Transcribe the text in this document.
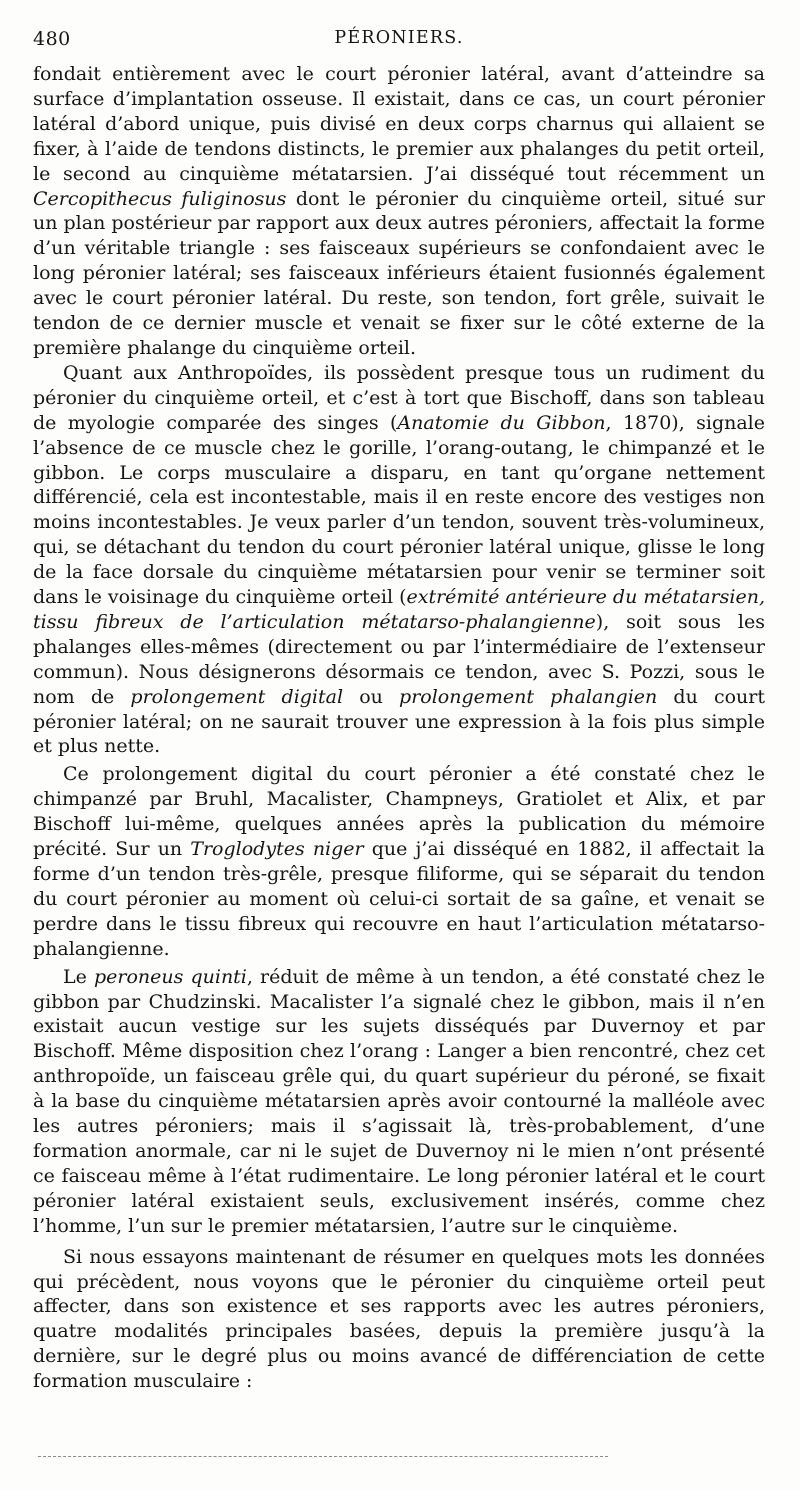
480	PÉRONIERS.

fondait entièrement avec le court péronier latéral, avant d’atteindre sa surface d’implantation osseuse. Il existait, dans ce cas, un court péronier latéral d’abord unique, puis divisé en deux corps charnus qui allaient se fixer, à l’aide de tendons distincts, le premier aux phalanges du petit orteil, le second au cinquième métatarsien. J’ai disséqué tout récemment un Cercopithecus fuliginosus dont le péronier du cinquième orteil, situé sur un plan postérieur par rapport aux deux autres péroniers, affectait la forme d’un véritable triangle : ses faisceaux supérieurs se confondaient avec le long péronier latéral; ses faisceaux inférieurs étaient fusionnés également avec le court péronier latéral. Du reste, son tendon, fort grêle, suivait le tendon de ce dernier muscle et venait se fixer sur le côté externe de la première phalange du cinquième orteil.

Quant aux Anthropoïdes, ils possèdent presque tous un rudiment du péronier du cinquième orteil, et c’est à tort que Bischoff, dans son tableau de myologie comparée des singes (Anatomie du Gibbon, 1870), signale l’absence de ce muscle chez le gorille, l’orang-outang, le chimpanzé et le gibbon. Le corps musculaire a disparu, en tant qu’organe nettement différencié, cela est incontestable, mais il en reste encore des vestiges non moins incontestables. Je veux parler d’un tendon, souvent très-volumineux, qui, se détachant du tendon du court péronier latéral unique, glisse le long de la face dorsale du cinquième métatarsien pour venir se terminer soit dans le voisinage du cinquième orteil (extrémité antérieure du métatarsien, tissu fibreux de l’articulation métatarso-phalangienne), soit sous les phalanges elles-mêmes (directement ou par l’intermédiaire de l’extenseur commun). Nous désignerons désormais ce tendon, avec S. Pozzi, sous le nom de prolongement digital ou prolongement phalangien du court péronier latéral; on ne saurait trouver une expression à la fois plus simple et plus nette.

Ce prolongement digital du court péronier a été constaté chez le chimpanzé par Bruhl, Macalister, Champneys, Gratiolet et Alix, et par Bischoff lui-même, quelques années après la publication du mémoire précité. Sur un Troglodytes niger que j’ai disséqué en 1882, il affectait la forme d’un tendon très-grêle, presque filiforme, qui se séparait du tendon du court péronier au moment où celui-ci sortait de sa gaîne, et venait se perdre dans le tissu fibreux qui recouvre en haut l’articulation métatarso-phalangienne.

Le peroneus quinti, réduit de même à un tendon, a été constaté chez le gibbon par Chudzinski. Macalister l’a signalé chez le gibbon, mais il n’en existait aucun vestige sur les sujets disséqués par Duvernoy et par Bischoff. Même disposition chez l’orang : Langer a bien rencontré, chez cet anthropoïde, un faisceau grêle qui, du quart supérieur du péroné, se fixait à la base du cinquième métatarsien après avoir contourné la malléole avec les autres péroniers; mais il s’agissait là, très-probablement, d’une formation anormale, car ni le sujet de Duvernoy ni le mien n’ont présenté ce faisceau même à l’état rudimentaire. Le long péronier latéral et le court péronier latéral existaient seuls, exclusivement insérés, comme chez l’homme, l’un sur le premier métatarsien, l’autre sur le cinquième.

Si nous essayons maintenant de résumer en quelques mots les données qui précèdent, nous voyons que le péronier du cinquième orteil peut affecter, dans son existence et ses rapports avec les autres péroniers, quatre modalités principales basées, depuis la première jusqu’à la dernière, sur le degré plus ou moins avancé de différenciation de cette formation musculaire :
